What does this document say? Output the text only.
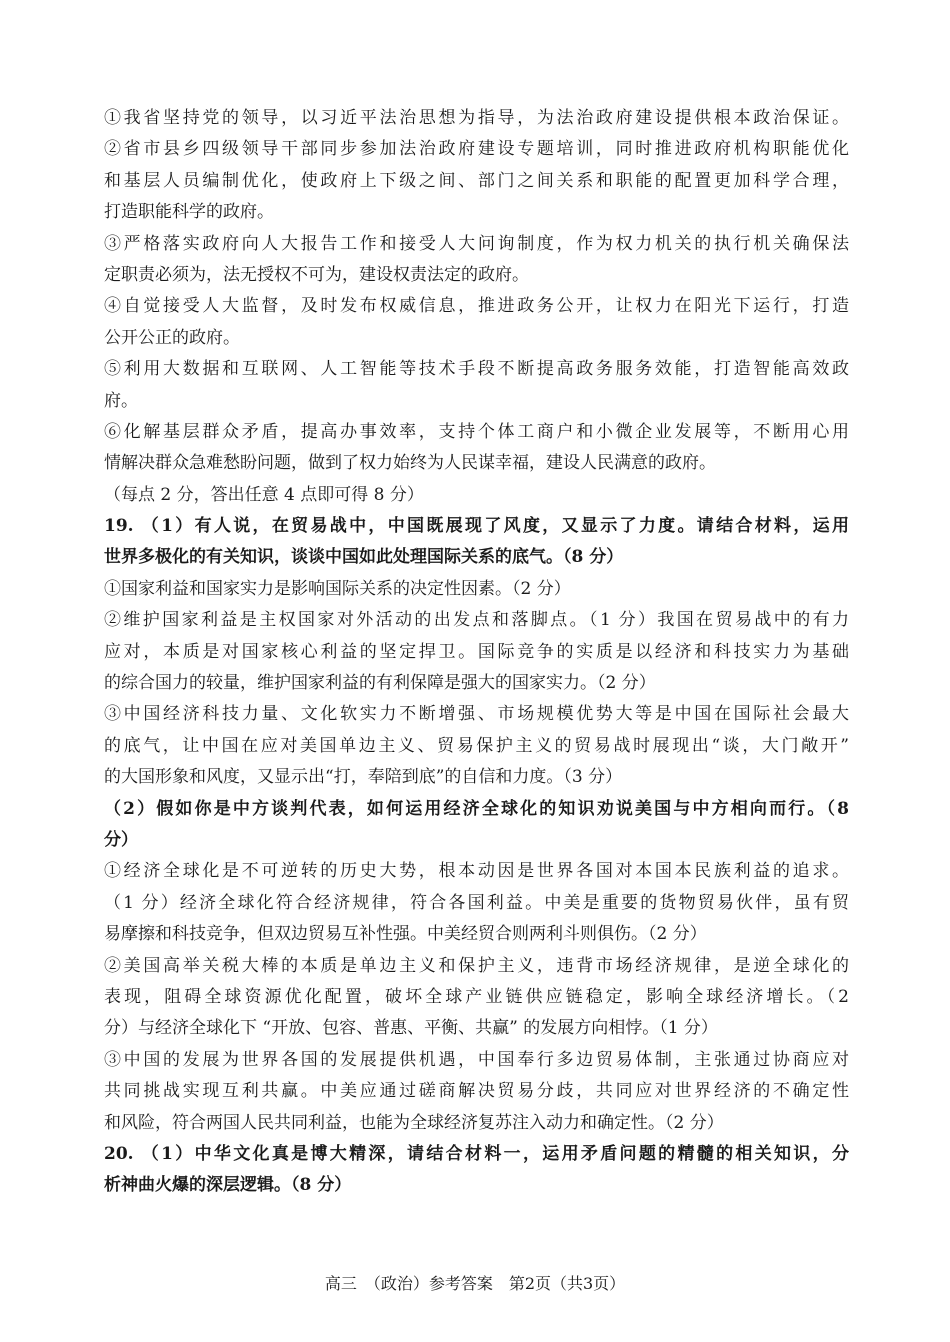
①我省坚持党的领导，以习近平法治思想为指导，为法治政府建设提供根本政治保证。
②省市县乡四级领导干部同步参加法治政府建设专题培训，同时推进政府机构职能优化
和基层人员编制优化，使政府上下级之间、部门之间关系和职能的配置更加科学合理，
打造职能科学的政府。
③严格落实政府向人大报告工作和接受人大问询制度，作为权力机关的执行机关确保法
定职责必须为，法无授权不可为，建设权责法定的政府。
④自觉接受人大监督，及时发布权威信息，推进政务公开，让权力在阳光下运行，打造
公开公正的政府。
⑤利用大数据和互联网、人工智能等技术手段不断提高政务服务效能，打造智能高效政
府。
⑥化解基层群众矛盾，提高办事效率，支持个体工商户和小微企业发展等，不断用心用
情解决群众急难愁盼问题，做到了权力始终为人民谋幸福，建设人民满意的政府。
（每点 2 分，答出任意 4 点即可得 8 分）
19. （1）有人说，在贸易战中，中国既展现了风度，又显示了力度。请结合材料，运用
世界多极化的有关知识，谈谈中国如此处理国际关系的底气。（8 分）
①国家利益和国家实力是影响国际关系的决定性因素。（2 分）
②维护国家利益是主权国家对外活动的出发点和落脚点。（1 分）我国在贸易战中的有力
应对，本质是对国家核心利益的坚定捍卫。国际竞争的实质是以经济和科技实力为基础
的综合国力的较量，维护国家利益的有利保障是强大的国家实力。（2 分）
③中国经济科技力量、文化软实力不断增强、市场规模优势大等是中国在国际社会最大
的底气，让中国在应对美国单边主义、贸易保护主义的贸易战时展现出“谈，大门敞开”
的大国形象和风度，又显示出“打，奉陪到底”的自信和力度。（3 分）
（2）假如你是中方谈判代表，如何运用经济全球化的知识劝说美国与中方相向而行。（8
分）
①经济全球化是不可逆转的历史大势，根本动因是世界各国对本国本民族利益的追求。
（1 分）经济全球化符合经济规律，符合各国利益。中美是重要的货物贸易伙伴，虽有贸
易摩擦和科技竞争，但双边贸易互补性强。中美经贸合则两利斗则俱伤。（2 分）
②美国高举关税大棒的本质是单边主义和保护主义，违背市场经济规律，是逆全球化的
表现，阻碍全球资源优化配置，破坏全球产业链供应链稳定，影响全球经济增长。（2
分）与经济全球化下 “开放、包容、普惠、平衡、共赢” 的发展方向相悖。（1 分）
③中国的发展为世界各国的发展提供机遇，中国奉行多边贸易体制，主张通过协商应对
共同挑战实现互利共赢。中美应通过磋商解决贸易分歧，共同应对世界经济的不确定性
和风险，符合两国人民共同利益，也能为全球经济复苏注入动力和确定性。（2 分）
20. （1）中华文化真是博大精深，请结合材料一，运用矛盾问题的精髓的相关知识，分
析神曲火爆的深层逻辑。（8 分）
高三　（政治）参考答案　第2页（共3页）
